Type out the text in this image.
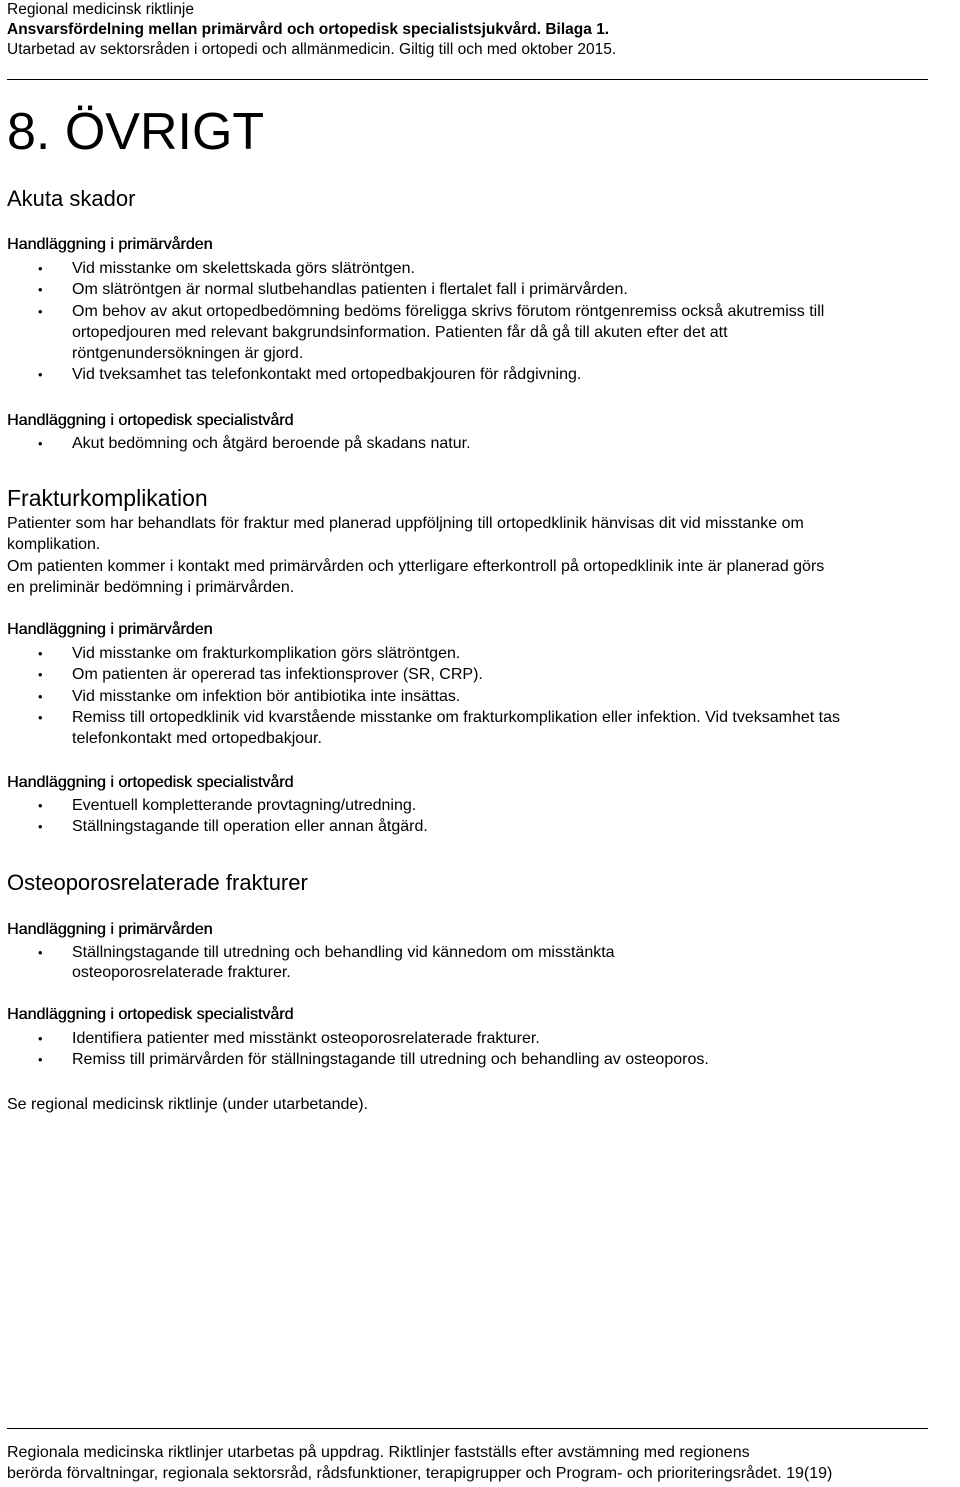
Regional medicinsk riktlinje
Ansvarsfördelning mellan primärvård och ortopedisk specialistsjukvård. Bilaga 1.
Utarbetad av sektorsråden i ortopedi och allmänmedicin. Giltig till och med oktober 2015.
8. ÖVRIGT
Akuta skador
Handläggning i primärvården
• Vid misstanke om skelettskada görs slätröntgen.
• Om slätröntgen är normal slutbehandlas patienten i flertalet fall i primärvården.
• Om behov av akut ortopedbedömning bedöms föreligga skrivs förutom röntgenremiss också akutremiss till ortopedjouren med relevant bakgrundsinformation. Patienten får då gå till akuten efter det att röntgenundersökningen är gjord.
• Vid tveksamhet tas telefonkontakt med ortopedbakjouren för rådgivning.
Handläggning i ortopedisk specialistvård
• Akut bedömning och åtgärd beroende på skadans natur.
Frakturkomplikation
Patienter som har behandlats för fraktur med planerad uppföljning till ortopedklinik hänvisas dit vid misstanke om komplikation.
Om patienten kommer i kontakt med primärvården och ytterligare efterkontroll på ortopedklinik inte är planerad görs en preliminär bedömning i primärvården.
Handläggning i primärvården
• Vid misstanke om frakturkomplikation görs slätröntgen.
• Om patienten är opererad tas infektionsprover (SR, CRP).
• Vid misstanke om infektion bör antibiotika inte insättas.
• Remiss till ortopedklinik vid kvarstående misstanke om frakturkomplikation eller infektion. Vid tveksamhet tas telefonkontakt med ortopedbakjour.
Handläggning i ortopedisk specialistvård
• Eventuell kompletterande provtagning/utredning.
• Ställningstagande till operation eller annan åtgärd.
Osteoporosrelaterade frakturer
Handläggning i primärvården
• Ställningstagande till utredning och behandling vid kännedom om misstänkta osteoporosrelaterade frakturer.
Handläggning i ortopedisk specialistvård
• Identifiera patienter med misstänkt osteoporosrelaterade frakturer.
• Remiss till primärvården för ställningstagande till utredning och behandling av osteoporos.
Se regional medicinsk riktlinje (under utarbetande).
Regionala medicinska riktlinjer utarbetas på uppdrag. Riktlinjer fastställs efter avstämning med regionens
berörda förvaltningar, regionala sektorsråd, rådsfunktioner, terapigrupper och Program- och prioriteringsrådet. 19(19)
